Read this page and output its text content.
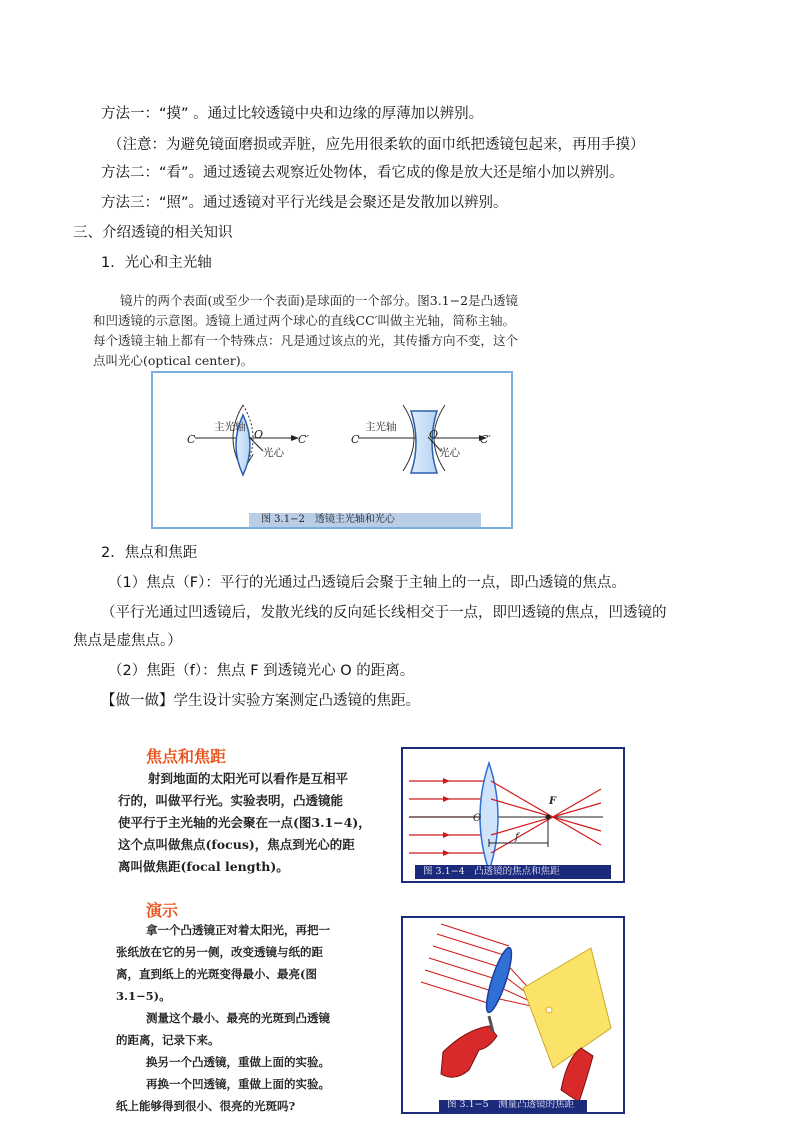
方法一：“摸” 。通过比较透镜中央和边缘的厚薄加以辨别。
（注意：为避免镜面磨损或弄脏，应先用很柔软的面巾纸把透镜包起来，再用手摸）
方法二：“看”。通过透镜去观察近处物体，看它成的像是放大还是缩小加以辨别。
方法三：“照”。通过透镜对平行光线是会聚还是发散加以辨别。
三、介绍透镜的相关知识
1．光心和主光轴
镜片的两个表面(或至少一个表面)是球面的一个部分。图3.1−2是凸透镜
和凹透镜的示意图。透镜上通过两个球心的直线CC′叫做主光轴，简称主轴。
每个透镜主轴上都有一个特殊点：凡是通过该点的光，其传播方向不变，这个
点叫光心(optical center)。
C
主光轴
O
光心
C′	C
主光轴
O
光心
C′
图 3.1−2　透镜主光轴和光心
2．焦点和焦距
（1）焦点（F）：平行的光通过凸透镜后会聚于主轴上的一点，即凸透镜的焦点。
（平行光通过凹透镜后，发散光线的反向延长线相交于一点，即凹透镜的焦点，凹透镜的
焦点是虚焦点。）
（2）焦距（f）：焦点 F 到透镜光心 O 的距离。
【做一做】学生设计实验方案测定凸透镜的焦距。
焦点和焦距
射到地面的太阳光可以看作是互相平
行的，叫做平行光。实验表明，凸透镜能
使平行于主光轴的光会聚在一点(图3.1−4)，
这个点叫做焦点(focus)，焦点到光心的距
离叫做焦距(focal length)。
O
F
f
图 3.1−4　凸透镜的焦点和焦距
演示
拿一个凸透镜正对着太阳光，再把一
张纸放在它的另一侧，改变透镜与纸的距
离，直到纸上的光斑变得最小、最亮(图
3.1−5)。
测量这个最小、最亮的光斑到凸透镜
的距离，记录下来。
换另一个凸透镜，重做上面的实验。
再换一个凹透镜，重做上面的实验。
纸上能够得到很小、很亮的光斑吗?	图 3.1−5　测量凸透镜的焦距
